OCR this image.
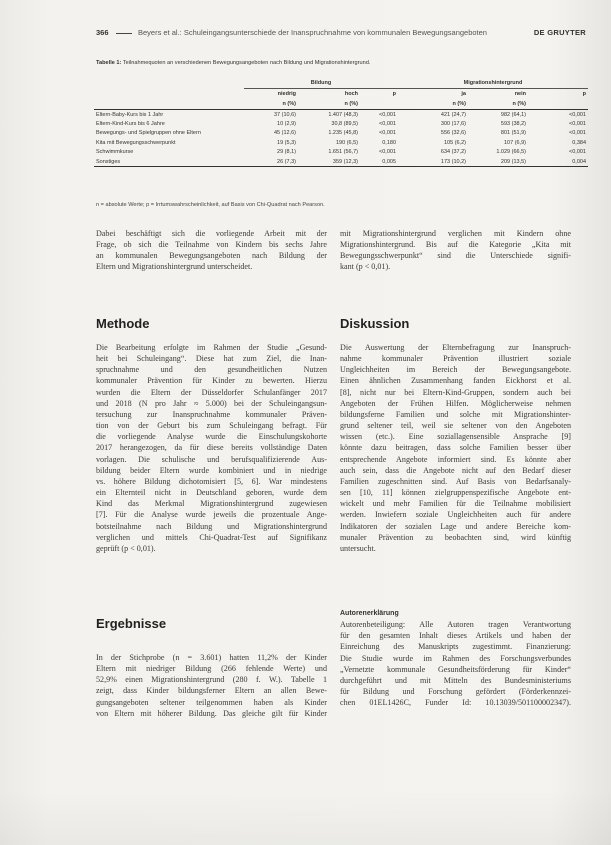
366	Beyers et al.: Schuleingangsunterschiede der Inanspruchnahme von kommunalen Bewegungsangeboten	DE GRUYTER
Tabelle 1: Teilnahmequoten an verschiedenen Bewegungsangeboten nach Bildung und Migrationshintergrund.
	Bildung			Migrationshintergrund		
	niedrig	hoch	p	ja	nein	p
	n (%)	n (%)		n (%)	n (%)	
Eltern-Baby-Kurs bis 1 Jahr	37 (10,6)	1.407 (48,3)	<0,001	421 (24,7)	982 (64,1)	<0,001
Eltern-Kind-Kurs bis 6 Jahre	10 (2,9)	30,8 (89,5)	<0,001	300 (17,6)	593 (38,2)	<0,001
Bewegungs- und Spielgruppen ohne Eltern	45 (12,6)	1.235 (45,8)	<0,001	556 (32,6)	801 (51,9)	<0,001
Kita mit Bewegungsschwerpunkt	19 (5,3)	190 (6,5)	0,180	105 (6,2)	107 (6,9)	0,384
Schwimmkurse	29 (8,1)	1.651 (56,7)	<0,001	634 (37,2)	1.029 (66,5)	<0,001
Sonstiges	26 (7,3)	359 (12,3)	0,005	173 (10,2)	209 (13,5)	0,004
n = absolute Werte; p = Irrtumswahrscheinlichkeit, auf Basis von Chi-Quadrat nach Pearson.
Dabei beschäftigt sich die vorliegende Arbeit mit der
Frage, ob sich die Teilnahme von Kindern bis sechs Jahre
an kommunalen Bewegungsangeboten nach Bildung der
Eltern und Migrationshintergrund unterscheidet.
mit Migrationshintergrund verglichen mit Kindern ohne
Migrationshintergrund. Bis auf die Kategorie „Kita mit
Bewegungsschwerpunkt“ sind die Unterschiede signifi-
kant (p < 0,01).
Methode
Die Bearbeitung erfolgte im Rahmen der Studie „Gesund-
heit bei Schuleingang“. Diese hat zum Ziel, die Inan-
spruchnahme und den gesundheitlichen Nutzen
kommunaler Prävention für Kinder zu bewerten. Hierzu
wurden die Eltern der Düsseldorfer Schulanfänger 2017
und 2018 (N pro Jahr ≈ 5.000) bei der Schuleingangsun-
tersuchung zur Inanspruchnahme kommunaler Präven-
tion von der Geburt bis zum Schuleingang befragt. Für
die vorliegende Analyse wurde die Einschulungskohorte
2017 herangezogen, da für diese bereits vollständige Daten
vorlagen. Die schulische und berufsqualifizierende Aus-
bildung beider Eltern wurde kombiniert und in niedrige
vs. höhere Bildung dichotomisiert [5, 6]. War mindestens
ein Elternteil nicht in Deutschland geboren, wurde dem
Kind das Merkmal Migrationshintergrund zugewiesen
[7]. Für die Analyse wurde jeweils die prozentuale Ange-
botsteilnahme nach Bildung und Migrationshintergrund
verglichen und mittels Chi-Quadrat-Test auf Signifikanz
geprüft (p < 0,01).
Ergebnisse
In der Stichprobe (n = 3.601) hatten 11,2% der Kinder
Eltern mit niedriger Bildung (266 fehlende Werte) und
52,9% einen Migrationshintergrund (280 f. W.). Tabelle 1
zeigt, dass Kinder bildungsferner Eltern an allen Bewe-
gungsangeboten seltener teilgenommen haben als Kinder
von Eltern mit höherer Bildung. Das gleiche gilt für Kinder
Diskussion
Die Auswertung der Elternbefragung zur Inanspruch-
nahme kommunaler Prävention illustriert soziale
Ungleichheiten im Bereich der Bewegungsangebote.
Einen ähnlichen Zusammenhang fanden Eickhorst et al.
[8], nicht nur bei Eltern-Kind-Gruppen, sondern auch bei
Angeboten der Frühen Hilfen. Möglicherweise nehmen
bildungsferne Familien und solche mit Migrationshinter-
grund seltener teil, weil sie seltener von den Angeboten
wissen (etc.). Eine soziallagensensible Ansprache [9]
könnte dazu beitragen, dass solche Familien besser über
entsprechende Angebote informiert sind. Es könnte aber
auch sein, dass die Angebote nicht auf den Bedarf dieser
Familien zugeschnitten sind. Auf Basis von Bedarfsanaly-
sen [10, 11] können zielgruppenspezifische Angebote ent-
wickelt und mehr Familien für die Teilnahme mobilisiert
werden. Inwiefern soziale Ungleichheiten auch für andere
Indikatoren der sozialen Lage und andere Bereiche kom-
munaler Prävention zu beobachten sind, wird künftig
untersucht.
Autorenerklärung
Autorenbeteiligung: Alle Autoren tragen Verantwortung
für den gesamten Inhalt dieses Artikels und haben der
Einreichung des Manuskripts zugestimmt. Finanzierung:
Die Studie wurde im Rahmen des Forschungsverbundes
„Vernetzte kommunale Gesundheitsförderung für Kinder“
durchgeführt und mit Mitteln des Bundesministeriums
für Bildung und Forschung gefördert (Förderkennzei-
chen 01EL1426C, Funder Id: 10.13039/501100002347).
